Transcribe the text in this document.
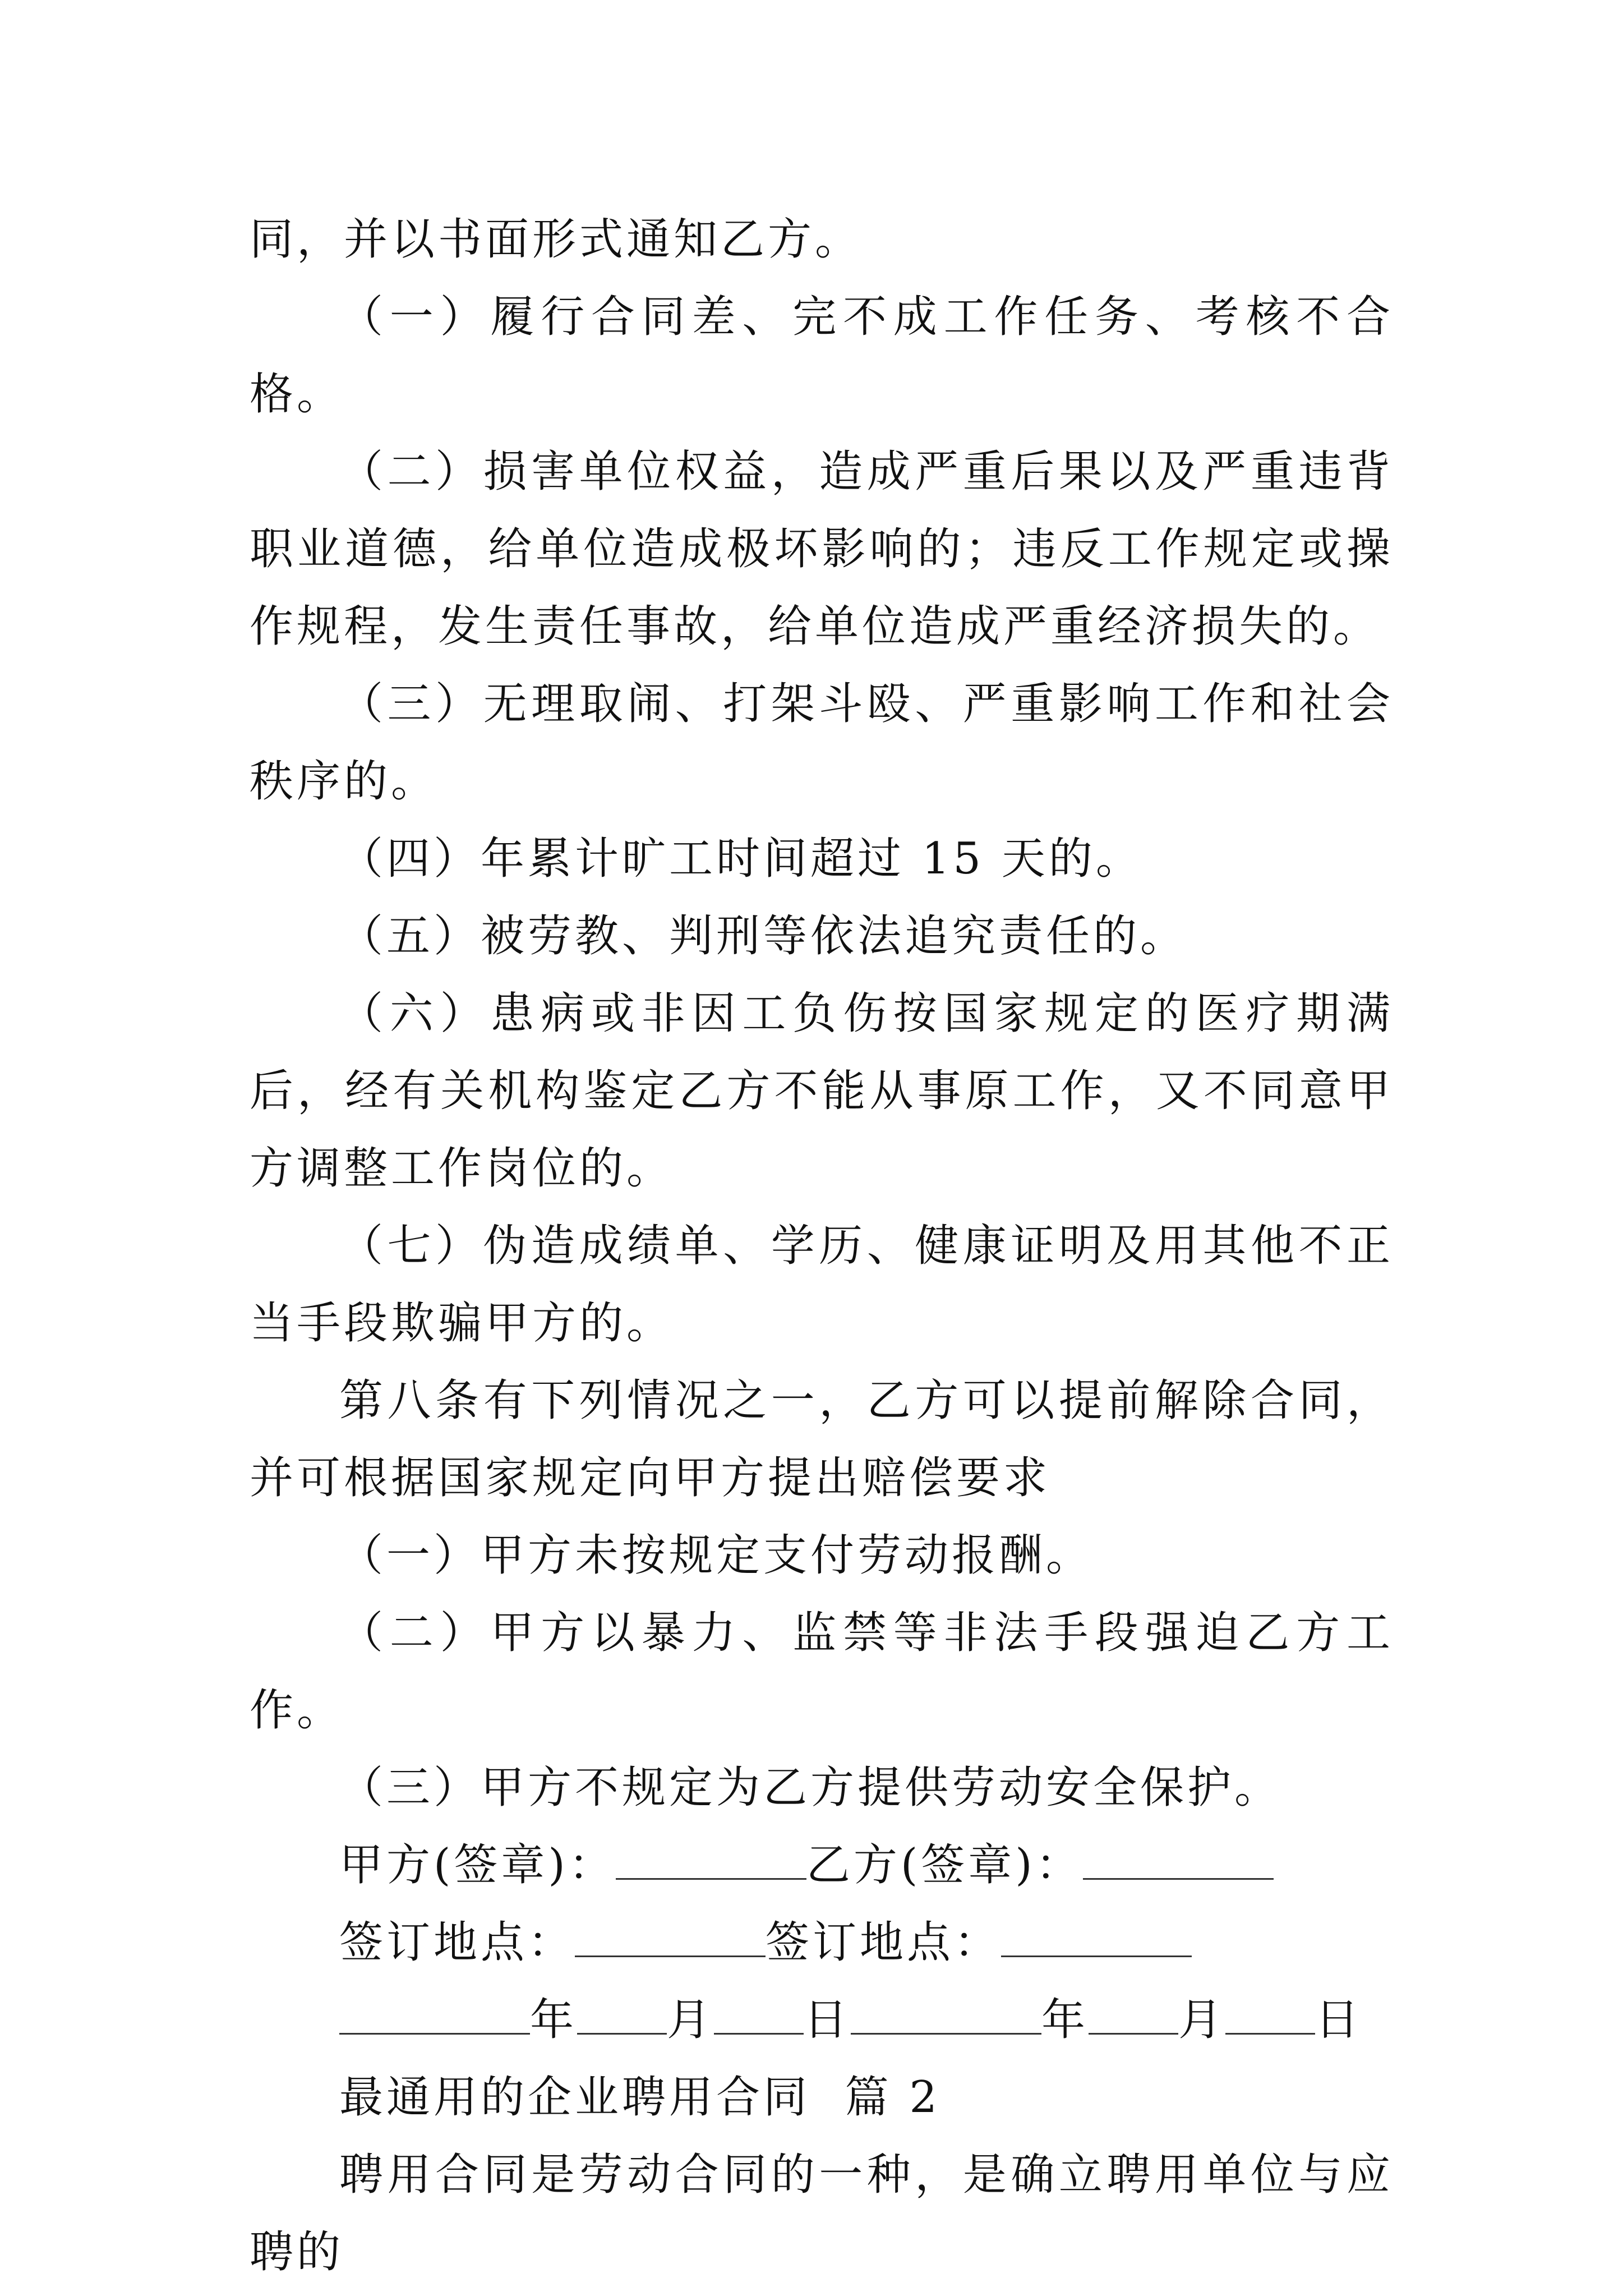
同，并以书面形式通知乙方。

（一）履行合同差、完不成工作任务、考核不合格。

（二）损害单位权益，造成严重后果以及严重违背职业道德，给单位造成极坏影响的；违反工作规定或操作规程，发生责任事故，给单位造成严重经济损失的。

（三）无理取闹、打架斗殴、严重影响工作和社会秩序的。

（四）年累计旷工时间超过 15 天的。

（五）被劳教、判刑等依法追究责任的。

（六）患病或非因工负伤按国家规定的医疗期满后，经有关机构鉴定乙方不能从事原工作，又不同意甲方调整工作岗位的。

（七）伪造成绩单、学历、健康证明及用其他不正当手段欺骗甲方的。

第八条有下列情况之一，乙方可以提前解除合同，并可根据国家规定向甲方提出赔偿要求

（一）甲方未按规定支付劳动报酬。

（二）甲方以暴力、监禁等非法手段强迫乙方工作。

（三）甲方不规定为乙方提供劳动安全保护。

甲方(签章)：	乙方(签章)：

签订地点：	签订地点：

年 月 日	年 月 日

最通用的企业聘用合同  篇 2

聘用合同是劳动合同的一种，是确立聘用单位与应聘的
